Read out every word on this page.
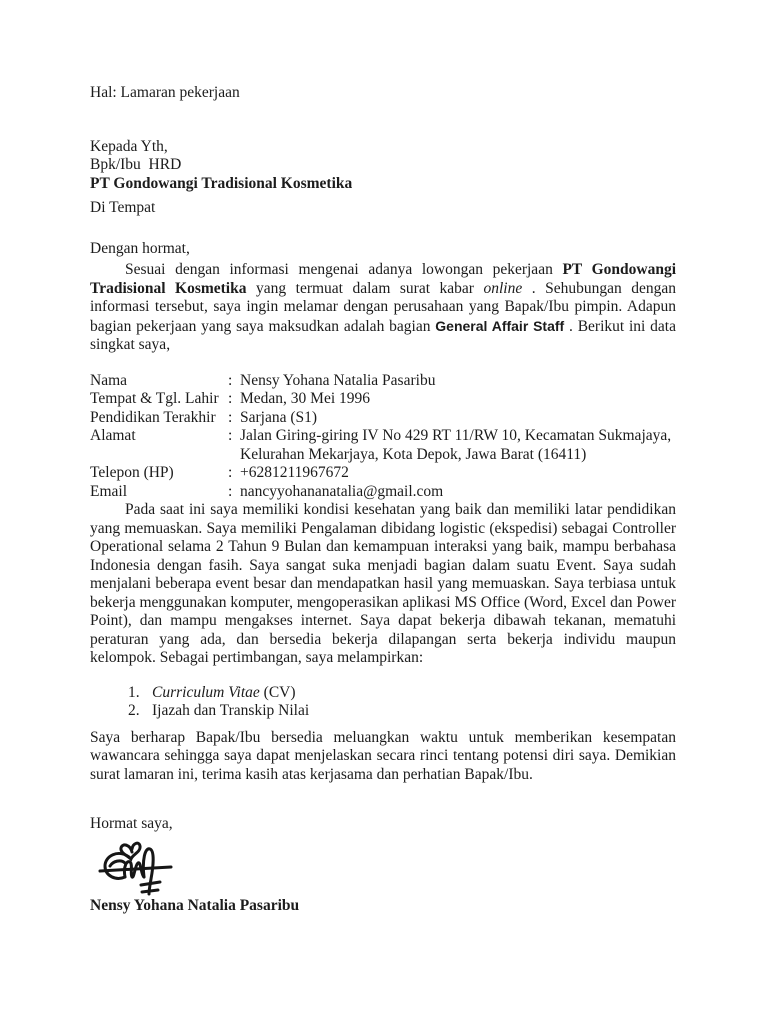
Hal: Lamaran pekerjaan
Kepada Yth,
Bpk/Ibu  HRD
PT Gondowangi Tradisional Kosmetika
Di Tempat
Dengan hormat,
Sesuai dengan informasi mengenai adanya lowongan pekerjaan PT Gondowangi Tradisional Kosmetika yang termuat dalam surat kabar online . Sehubungan dengan informasi tersebut, saya ingin melamar dengan perusahaan yang Bapak/Ibu pimpin. Adapun bagian pekerjaan yang saya maksudkan adalah bagian General Affair Staff . Berikut ini data singkat saya,
Nama	: Nensy Yohana Natalia Pasaribu
Tempat & Tgl. Lahir : Medan, 30 Mei 1996
Pendidikan Terakhir : Sarjana (S1)
Alamat	: Jalan Giring-giring IV No 429 RT 11/RW 10, Kecamatan Sukmajaya, Kelurahan Mekarjaya, Kota Depok, Jawa Barat (16411)
Telepon (HP)	: +6281211967672
Email	: nancyyohananatalia@gmail.com
Pada saat ini saya memiliki kondisi kesehatan yang baik dan memiliki latar pendidikan yang memuaskan. Saya memiliki Pengalaman dibidang logistic (ekspedisi) sebagai Controller Operational selama 2 Tahun 9 Bulan dan kemampuan interaksi yang baik, mampu berbahasa Indonesia dengan fasih. Saya sangat suka menjadi bagian dalam suatu Event. Saya sudah menjalani beberapa event besar dan mendapatkan hasil yang memuaskan. Saya terbiasa untuk bekerja menggunakan komputer, mengoperasikan aplikasi MS Office (Word, Excel dan Power Point), dan mampu mengakses internet. Saya dapat bekerja dibawah tekanan, mematuhi peraturan yang ada, dan bersedia bekerja dilapangan serta bekerja individu maupun kelompok. Sebagai pertimbangan, saya melampirkan:
1. Curriculum Vitae (CV)
2. Ijazah dan Transkip Nilai
Saya berharap Bapak/Ibu bersedia meluangkan waktu untuk memberikan kesempatan wawancara sehingga saya dapat menjelaskan secara rinci tentang potensi diri saya. Demikian surat lamaran ini, terima kasih atas kerjasama dan perhatian Bapak/Ibu.
Hormat saya,
Nensy Yohana Natalia Pasaribu
